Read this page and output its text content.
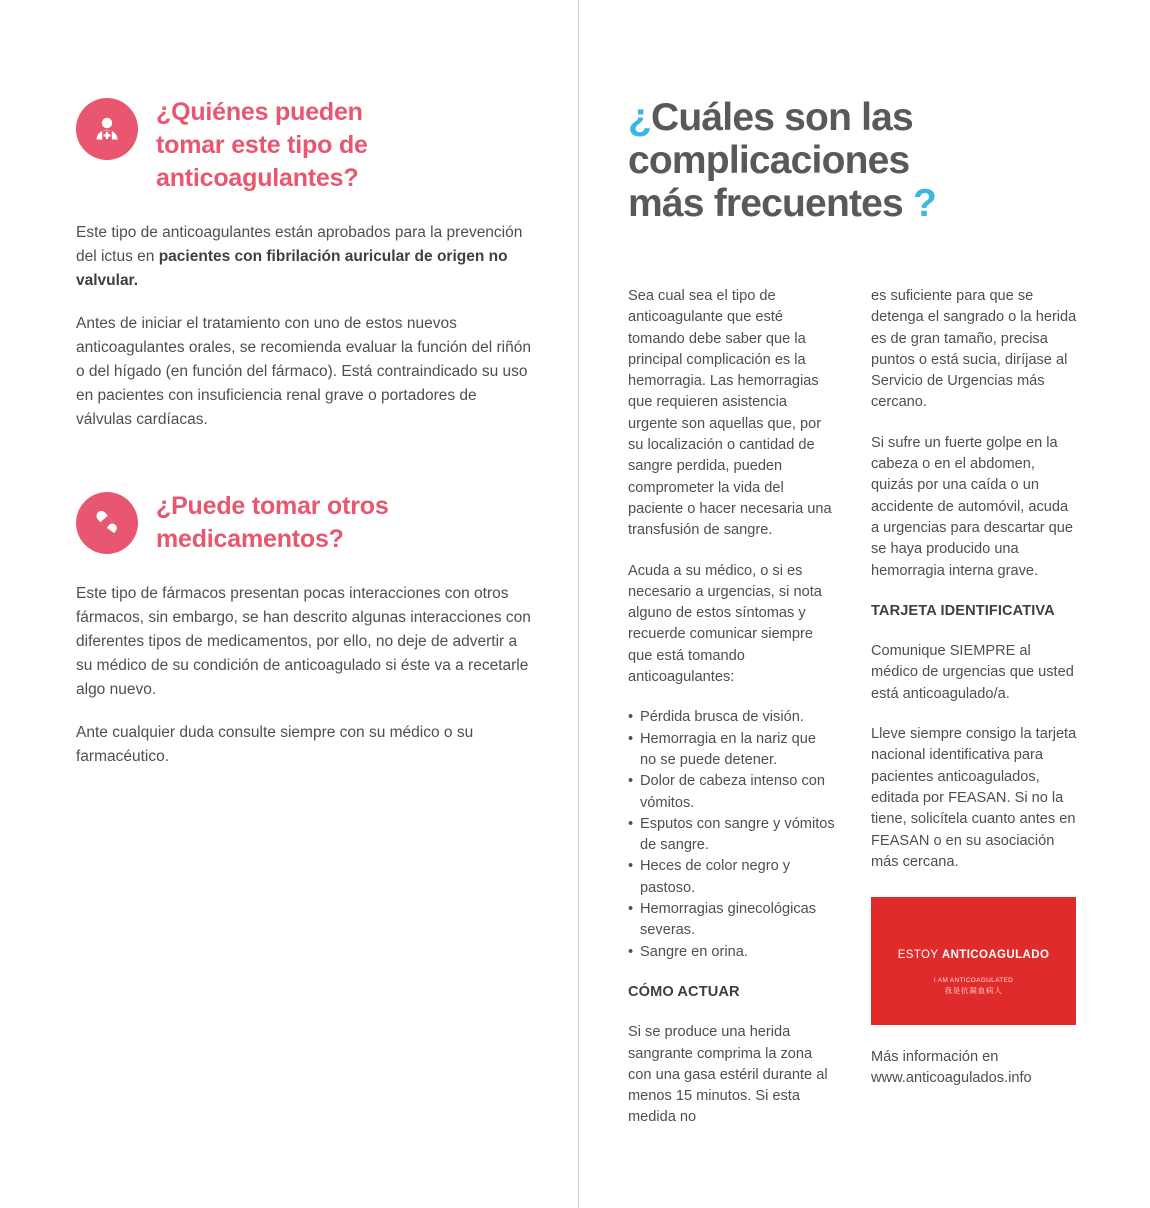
¿Quiénes pueden
tomar este tipo de
anticoagulantes?

Este tipo de anticoagulantes están aprobados para la prevención del ictus en pacientes con fibrilación auricular de origen no valvular.

Antes de iniciar el tratamiento con uno de estos nuevos anticoagulantes orales, se recomienda evaluar la función del riñón o del hígado (en función del fármaco). Está contraindicado su uso en pacientes con insuficiencia renal grave o portadores de válvulas cardíacas.

¿Puede tomar otros
medicamentos?

Este tipo de fármacos presentan pocas interacciones con otros fármacos, sin embargo, se han descrito algunas interacciones con diferentes tipos de medicamentos, por ello, no deje de advertir a su médico de su condición de anticoagulado si éste va a recetarle algo nuevo.

Ante cualquier duda consulte siempre con su médico o su farmacéutico.

¿Cuáles son las
complicaciones
más frecuentes ?

Sea cual sea el tipo de anticoagulante que esté tomando debe saber que la principal complicación es la hemorragia. Las hemorragias que requieren asistencia urgente son aquellas que, por su localización o cantidad de sangre perdida, pueden comprometer la vida del paciente o hacer necesaria una transfusión de sangre.

Acuda a su médico, o si es necesario a urgencias, si nota alguno de estos síntomas y recuerde comunicar siempre que está tomando anticoagulantes:

• Pérdida brusca de visión.
• Hemorragia en la nariz que no se puede detener.
• Dolor de cabeza intenso con vómitos.
• Esputos con sangre y vómitos de sangre.
• Heces de color negro y pastoso.
• Hemorragias ginecológicas severas.
• Sangre en orina.

CÓMO ACTUAR

Si se produce una herida sangrante comprima la zona con una gasa estéril durante al menos 15 minutos. Si esta medida no

es suficiente para que se detenga el sangrado o la herida es de gran tamaño, precisa puntos o está sucia, diríjase al Servicio de Urgencias más cercano.

Si sufre un fuerte golpe en la cabeza o en el abdomen, quizás por una caída o un accidente de automóvil, acuda a urgencias para descartar que se haya producido una hemorragia interna grave.

TARJETA IDENTIFICATIVA

Comunique SIEMPRE al médico de urgencias que usted está anticoagulado/a.

Lleve siempre consigo la tarjeta nacional identificativa para pacientes anticoagulados, editada por FEASAN. Si no la tiene, solicítela cuanto antes en FEASAN o en su asociación más cercana.

ESTOY ANTICOAGULADO
I AM ANTICOAGULATED
我是抗凝血病人
Más información en
www.anticoagulados.info
